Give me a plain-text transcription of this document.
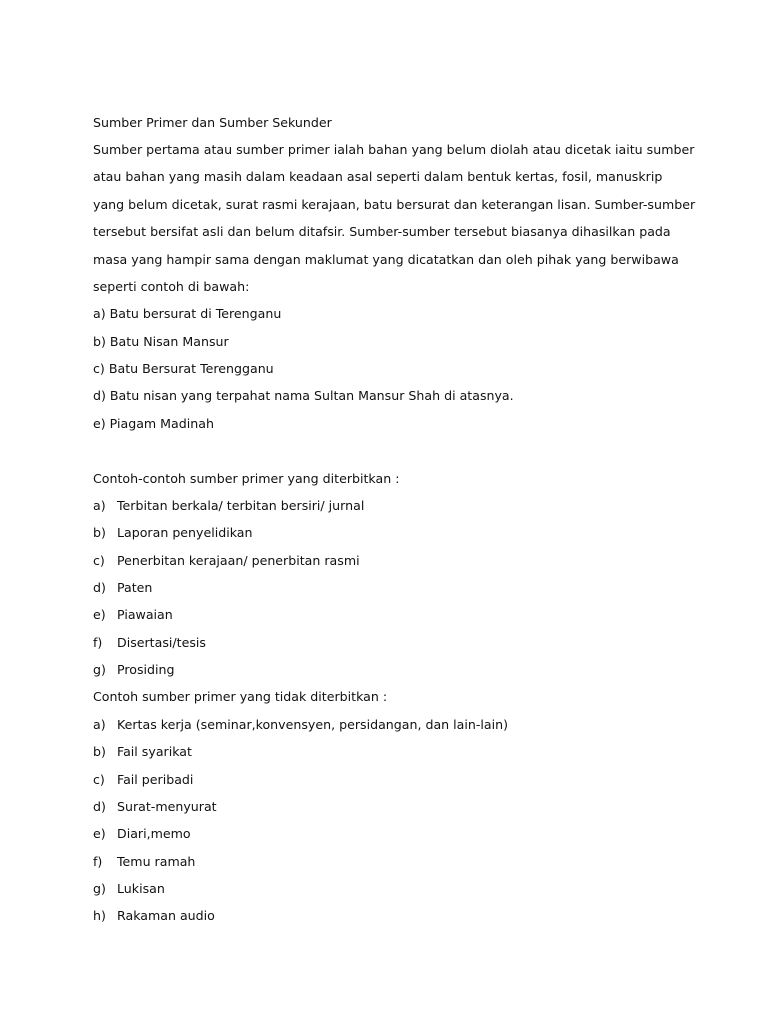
Sumber Primer dan Sumber Sekunder
Sumber pertama atau sumber primer ialah bahan yang belum diolah atau dicetak iaitu sumber
atau bahan yang masih dalam keadaan asal seperti dalam bentuk kertas, fosil, manuskrip
yang belum dicetak, surat rasmi kerajaan, batu bersurat dan keterangan lisan. Sumber-sumber
tersebut bersifat asli dan belum ditafsir. Sumber-sumber tersebut biasanya dihasilkan pada
masa yang hampir sama dengan maklumat yang dicatatkan dan oleh pihak yang berwibawa
seperti contoh di bawah:
a) Batu bersurat di Terenganu
b) Batu Nisan Mansur
c) Batu Bersurat Terengganu
d) Batu nisan yang terpahat nama Sultan Mansur Shah di atasnya.
e) Piagam Madinah
Contoh-contoh sumber primer yang diterbitkan :
a) Terbitan berkala/ terbitan bersiri/ jurnal
b) Laporan penyelidikan
c) Penerbitan kerajaan/ penerbitan rasmi
d) Paten
e) Piawaian
f) Disertasi/tesis
g) Prosiding
Contoh sumber primer yang tidak diterbitkan :
a) Kertas kerja (seminar,konvensyen, persidangan, dan lain-lain)
b) Fail syarikat
c) Fail peribadi
d) Surat-menyurat
e) Diari,memo
f) Temu ramah
g) Lukisan
h) Rakaman audio
